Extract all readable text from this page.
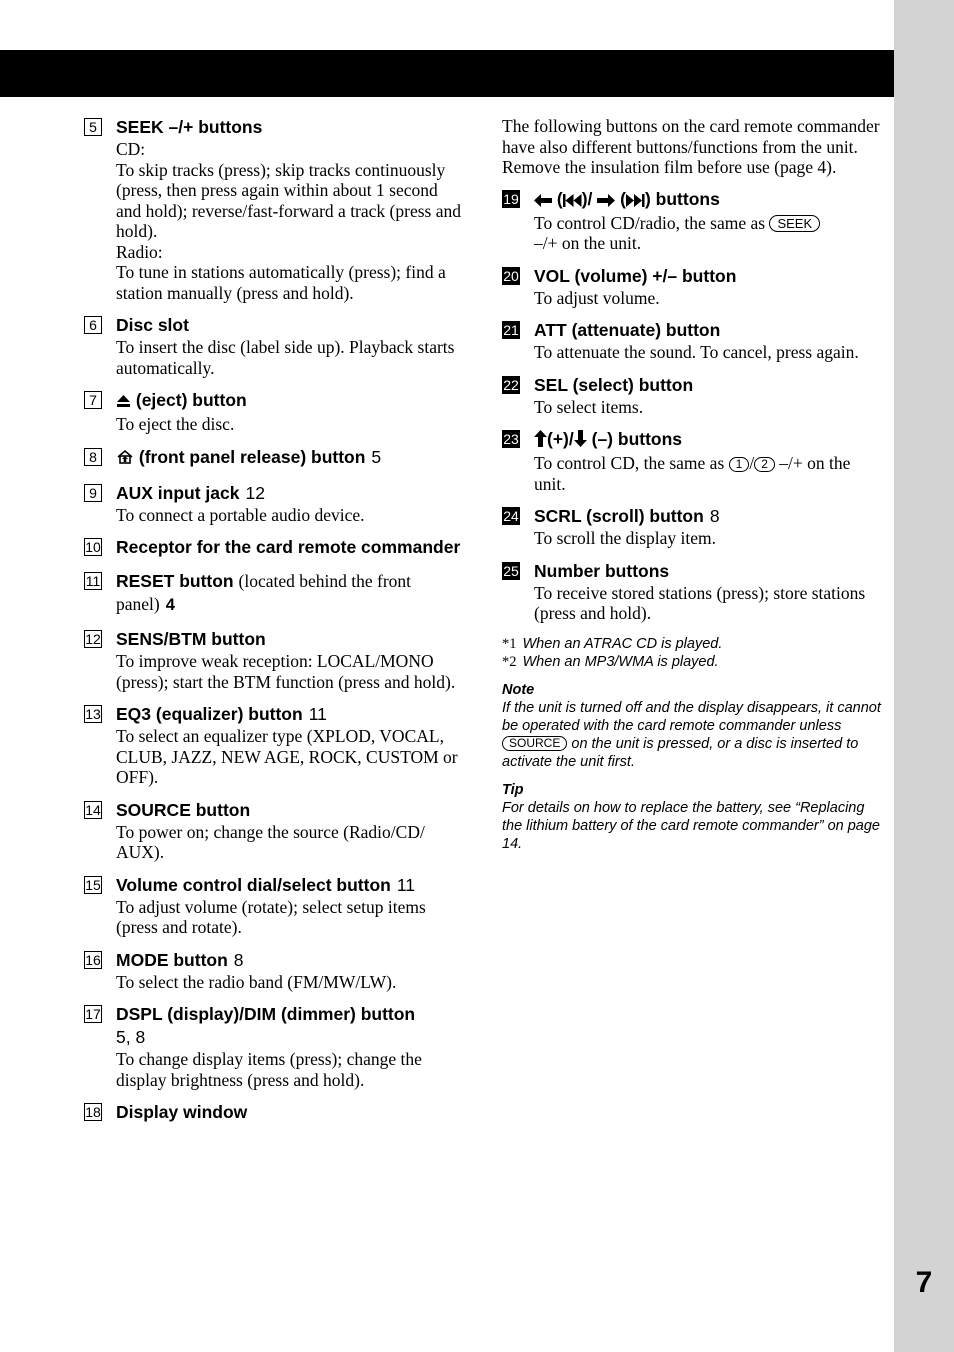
7
5 SEEK –/+ buttons
CD:
To skip tracks (press); skip tracks continuously (press, then press again within about 1 second and hold); reverse/fast-forward a track (press and hold).
Radio:
To tune in stations automatically (press); find a station manually (press and hold).
6 Disc slot
To insert the disc (label side up). Playback starts automatically.
7	(eject) button
To eject the disc.
8	(front panel release) button 5
9 AUX input jack 12
To connect a portable audio device.
10 Receptor for the card remote commander
11 RESET button (located behind the front panel) 4
12 SENS/BTM button
To improve weak reception: LOCAL/MONO (press); start the BTM function (press and hold).
13 EQ3 (equalizer) button 11
To select an equalizer type (XPLOD, VOCAL, CLUB, JAZZ, NEW AGE, ROCK, CUSTOM or OFF).
14 SOURCE button
To power on; change the source (Radio/CD/ AUX).
15 Volume control dial/select button 11
To adjust volume (rotate); select setup items (press and rotate).
16 MODE button 8
To select the radio band (FM/MW/LW).
17 DSPL (display)/DIM (dimmer) button
5, 8
To change display items (press); change the display brightness (press and hold).
18 Display window
The following buttons on the card remote commander have also different buttons/functions from the unit. Remove the insulation film before use (page 4).
19	( )/ ( ) buttons
To control CD/radio, the same as SEEK
–/+ on the unit.
20 VOL (volume) +/– button
To adjust volume.
21 ATT (attenuate) button
To attenuate the sound. To cancel, press again.
22 SEL (select) button
To select items.
23	(+)/ (–) buttons
To control CD, the same as 1 / 2 –/+ on the unit.
24 SCRL (scroll) button 8
To scroll the display item.
25 Number buttons
To receive stored stations (press); store stations (press and hold).
*1 When an ATRAC CD is played.
*2 When an MP3/WMA is played.
Note
If the unit is turned off and the display disappears, it cannot be operated with the card remote commander unless SOURCE on the unit is pressed, or a disc is inserted to activate the unit first.
Tip
For details on how to replace the battery, see “Replacing the lithium battery of the card remote commander” on page 14.
